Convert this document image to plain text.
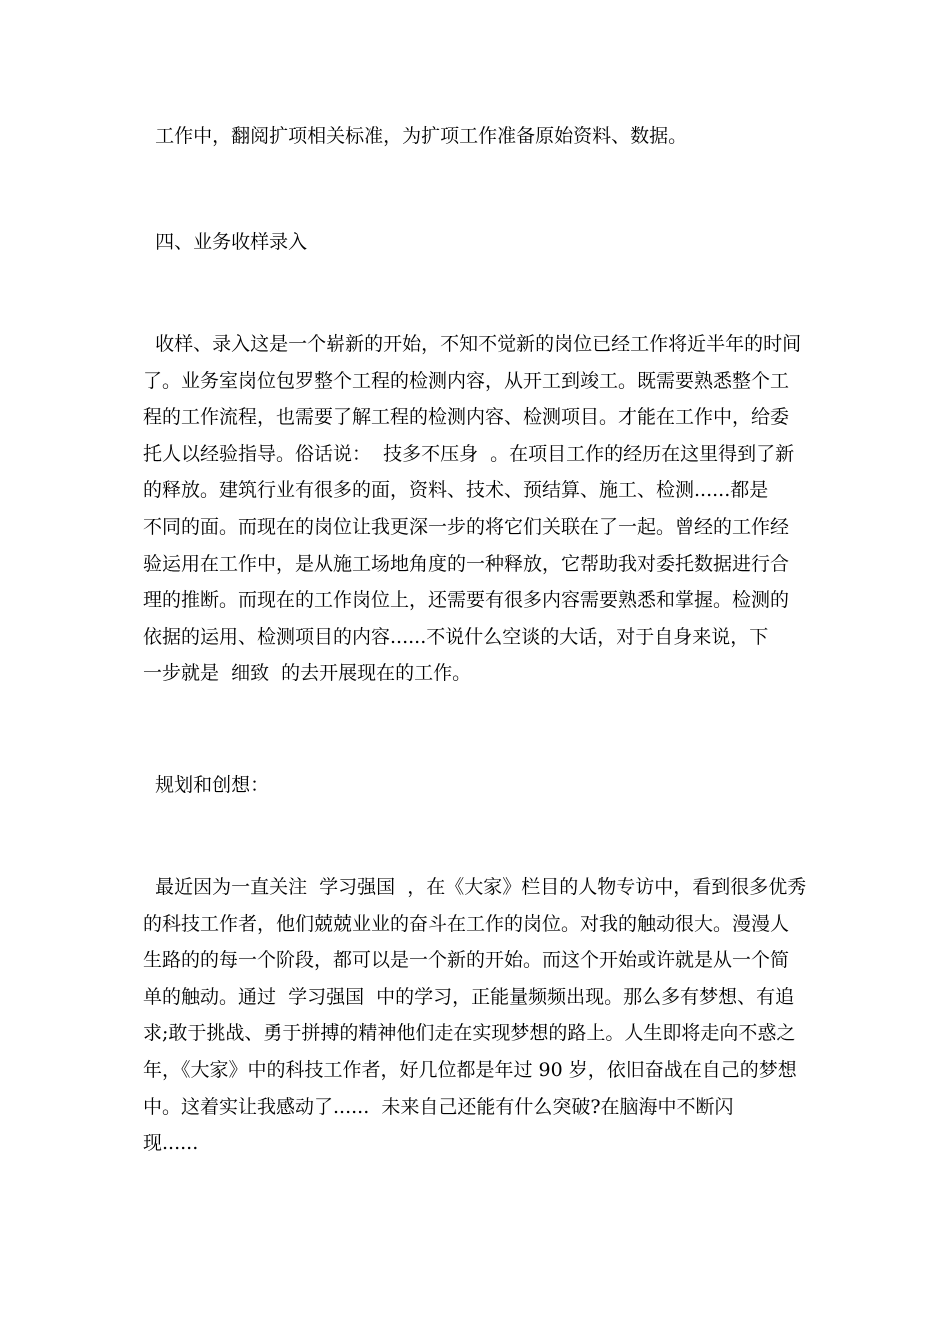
工作中，翻阅扩项相关标准，为扩项工作准备原始资料、数据。
四、业务收样录入
收样、录入这是一个崭新的开始，不知不觉新的岗位已经工作将近半年的时间
了。业务室岗位包罗整个工程的检测内容，从开工到竣工。既需要熟悉整个工
程的工作流程，也需要了解工程的检测内容、检测项目。才能在工作中，给委
托人以经验指导。俗话说：  技多不压身  。在项目工作的经历在这里得到了新
的释放。建筑行业有很多的面，资料、技术、预结算、施工、检测......都是
不同的面。而现在的岗位让我更深一步的将它们关联在了一起。曾经的工作经
验运用在工作中，是从施工场地角度的一种释放，它帮助我对委托数据进行合
理的推断。而现在的工作岗位上，还需要有很多内容需要熟悉和掌握。检测的
依据的运用、检测项目的内容......不说什么空谈的大话，对于自身来说，下
一步就是  细致  的去开展现在的工作。
规划和创想：
最近因为一直关注  学习强国  ，在《大家》栏目的人物专访中，看到很多优秀
的科技工作者，他们兢兢业业的奋斗在工作的岗位。对我的触动很大。漫漫人
生路的的每一个阶段，都可以是一个新的开始。而这个开始或许就是从一个简
单的触动。通过  学习强国  中的学习，正能量频频出现。那么多有梦想、有追
求;敢于挑战、勇于拼搏的精神他们走在实现梦想的路上。人生即将走向不惑之
年，《大家》中的科技工作者，好几位都是年过 90 岁，依旧奋战在自己的梦想
中。这着实让我感动了......  未来自己还能有什么突破?在脑海中不断闪
现......
